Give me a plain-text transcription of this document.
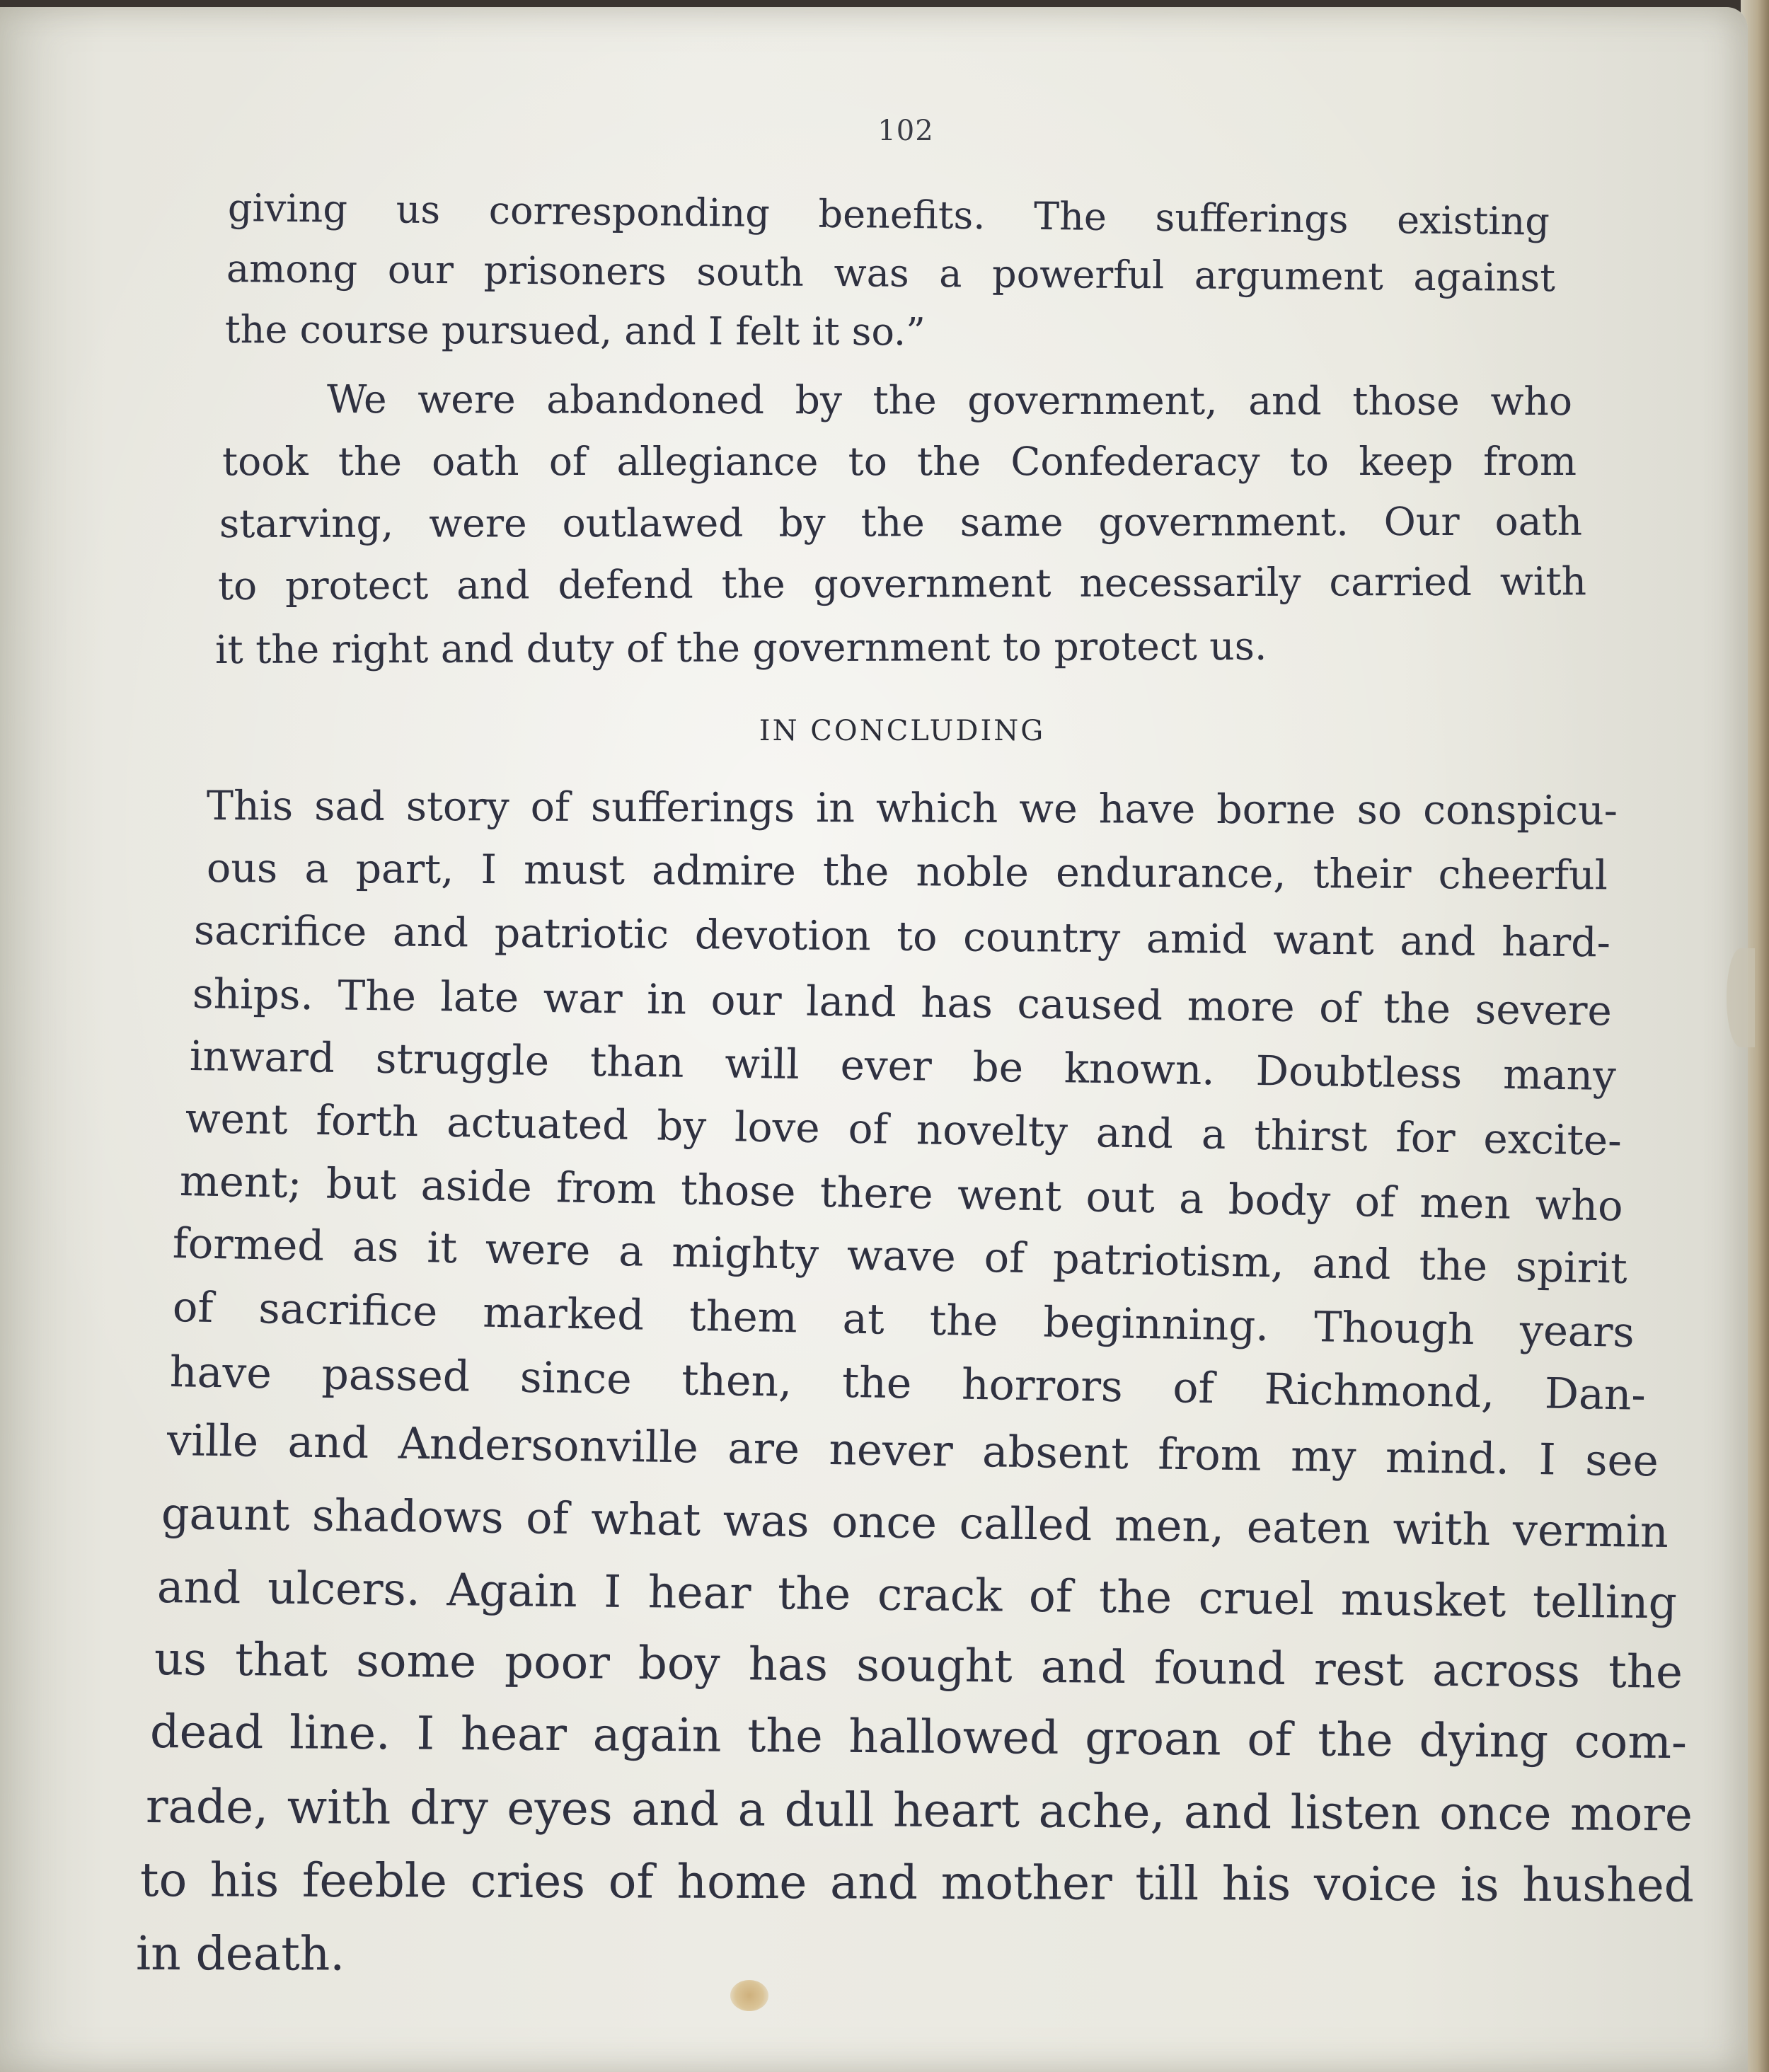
102

giving us corresponding benefits. The sufferings existing

among our prisoners south was a powerful argument against

the course pursued, and I felt it so.”

We were abandoned by the government, and those who

took the oath of allegiance to the Confederacy to keep from

starving, were outlawed by the same government. Our oath

to protect and defend the government necessarily carried with

it the right and duty of the government to protect us.

IN CONCLUDING

This sad story of sufferings in which we have borne so conspicu-

ous a part, I must admire the noble endurance, their cheerful

sacrifice and patriotic devotion to country amid want and hard-

ships. The late war in our land has caused more of the severe

inward struggle than will ever be known. Doubtless many

went forth actuated by love of novelty and a thirst for excite-

ment; but aside from those there went out a body of men who

formed as it were a mighty wave of patriotism, and the spirit

of sacrifice marked them at the beginning. Though years

have passed since then, the horrors of Richmond, Dan-

ville and Andersonville are never absent from my mind. I see

gaunt shadows of what was once called men, eaten with vermin

and ulcers. Again I hear the crack of the cruel musket telling

us that some poor boy has sought and found rest across the

dead line. I hear again the hallowed groan of the dying com-

rade, with dry eyes and a dull heart ache, and listen once more

to his feeble cries of home and mother till his voice is hushed

in death.
